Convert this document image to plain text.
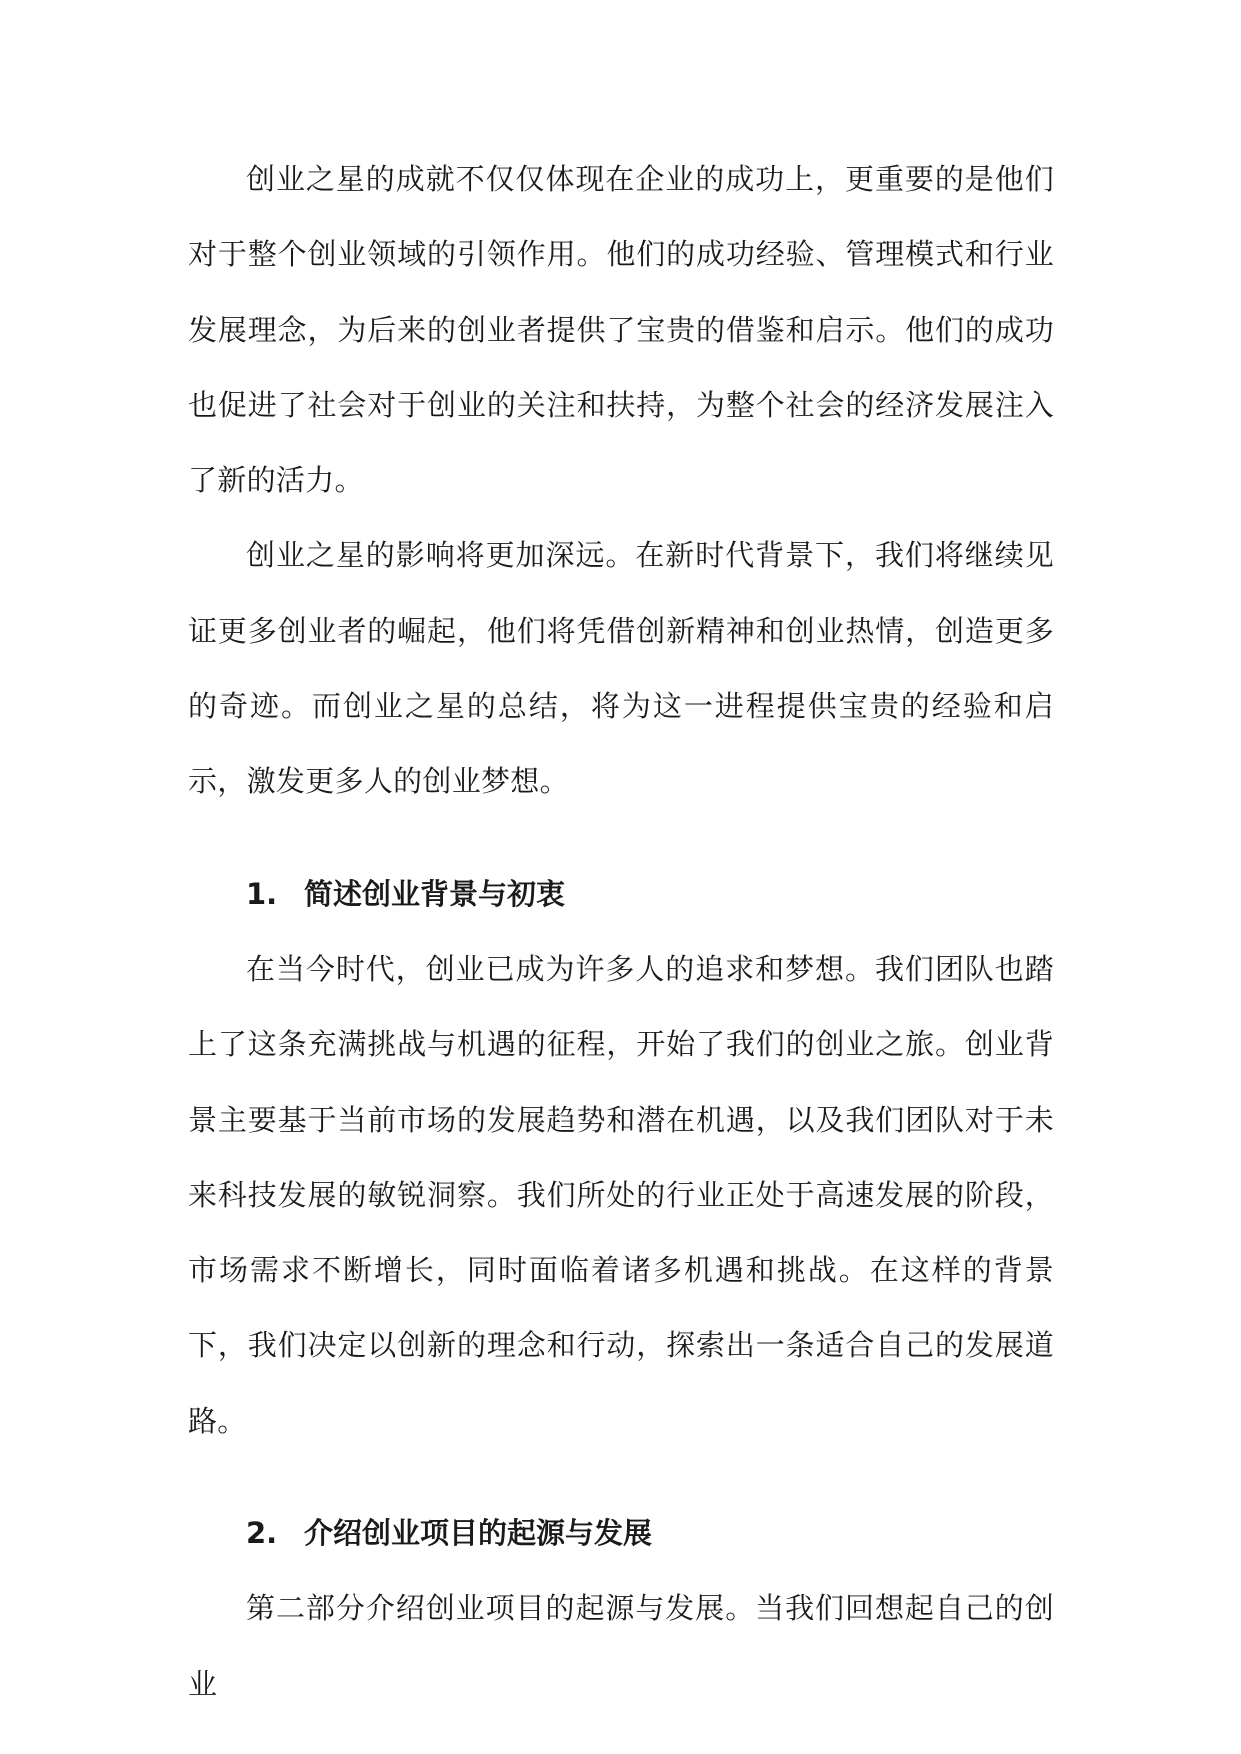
创业之星的成就不仅仅体现在企业的成功上，更重要的是他们对于整个创业领域的引领作用。他们的成功经验、管理模式和行业发展理念，为后来的创业者提供了宝贵的借鉴和启示。他们的成功也促进了社会对于创业的关注和扶持，为整个社会的经济发展注入了新的活力。

创业之星的影响将更加深远。在新时代背景下，我们将继续见证更多创业者的崛起，他们将凭借创新精神和创业热情，创造更多的奇迹。而创业之星的总结，将为这一进程提供宝贵的经验和启示，激发更多人的创业梦想。

1. 简述创业背景与初衷

在当今时代，创业已成为许多人的追求和梦想。我们团队也踏上了这条充满挑战与机遇的征程，开始了我们的创业之旅。创业背景主要基于当前市场的发展趋势和潜在机遇，以及我们团队对于未来科技发展的敏锐洞察。我们所处的行业正处于高速发展的阶段，市场需求不断增长，同时面临着诸多机遇和挑战。在这样的背景下，我们决定以创新的理念和行动，探索出一条适合自己的发展道路。

2. 介绍创业项目的起源与发展

第二部分介绍创业项目的起源与发展。当我们回想起自己的创业
